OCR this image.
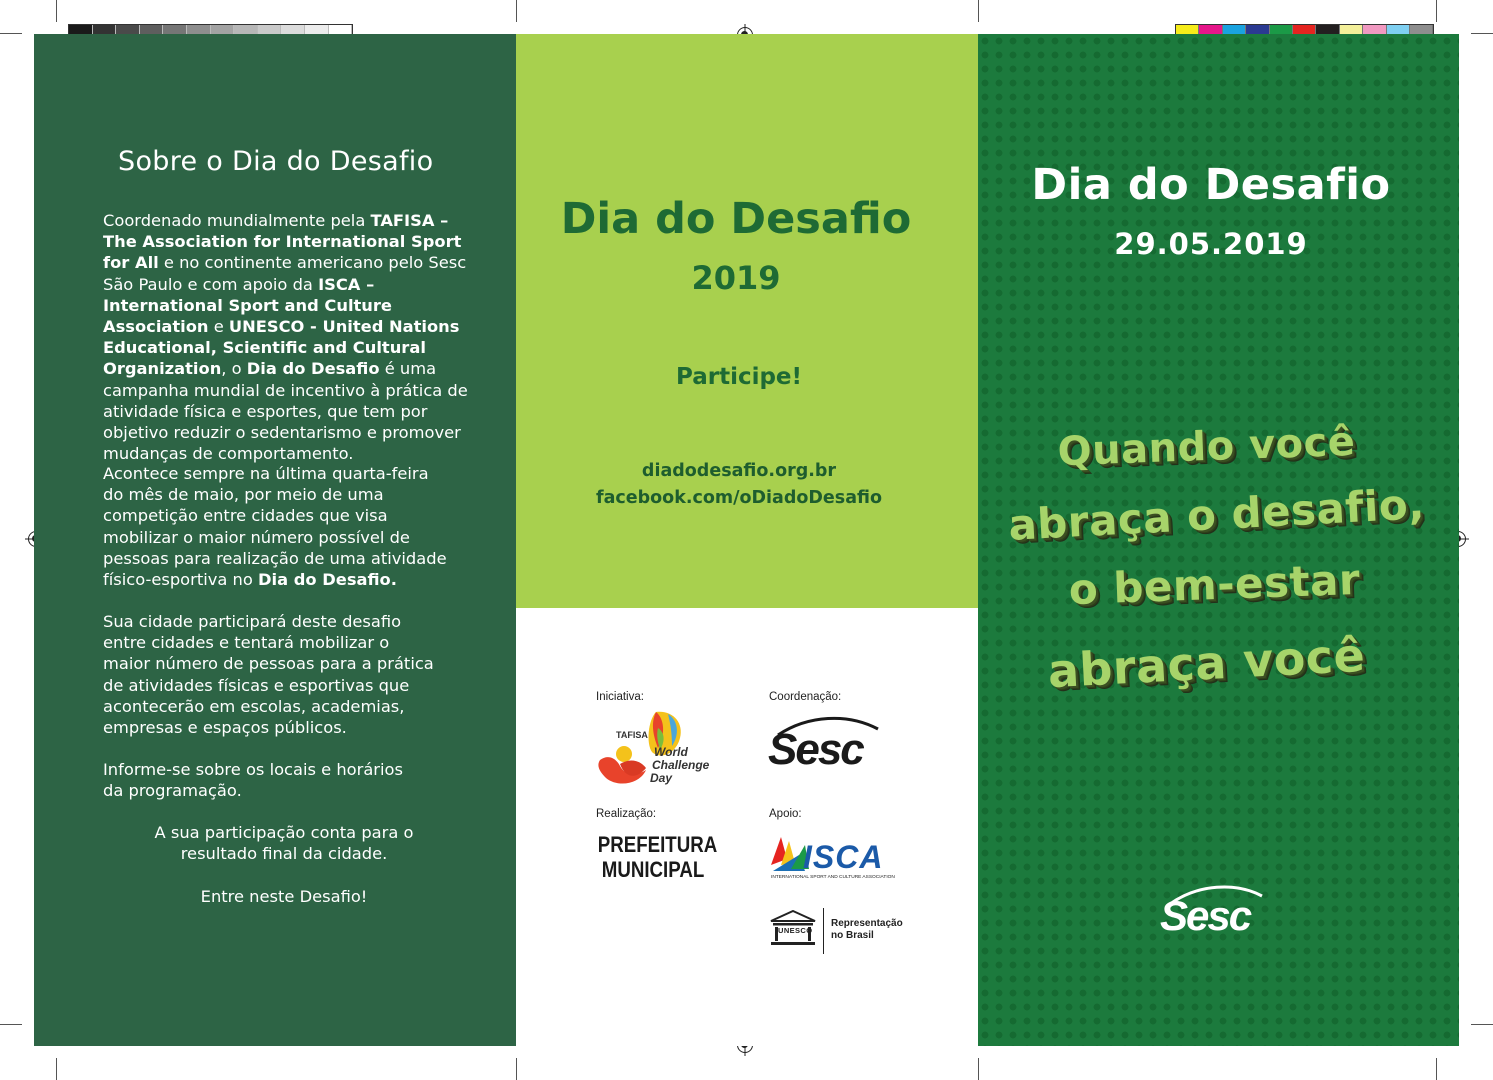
Sobre o Dia do Desafio
Coordenado mundialmente pela TAFISA – The Association for International Sport for All e no continente americano pelo Sesc São Paulo e com apoio da ISCA – International Sport and Culture Association e UNESCO - United Nations Educational, Scientific and Cultural Organization, o Dia do Desafio é uma campanha mundial de incentivo à prática de atividade física e esportes, que tem por objetivo reduzir o sedentarismo e promover mudanças de comportamento.
Acontece sempre na última quarta-feira do mês de maio, por meio de uma competição entre cidades que visa mobilizar o maior número possível de pessoas para realização de uma atividade físico-esportiva no Dia do Desafio.
Sua cidade participará deste desafio entre cidades e tentará mobilizar o maior número de pessoas para a prática de atividades físicas e esportivas que acontecerão em escolas, academias, empresas e espaços públicos.
Informe-se sobre os locais e horários da programação.
A sua participação conta para o resultado final da cidade.
Entre neste Desafio!
Dia do Desafio
2019
Participe!
diadodesafio.org.br
facebook.com/oDiadoDesafio
Iniciativa:	Coordenação:
TAFISA
World
Challenge
Day
Sesc
Realização:	Apoio:
PREFEITURA
MUNICIPAL	ISCA
INTERNATIONAL SPORT AND CULTURE ASSOCIATION
UNESCO
Representação
no Brasil
Dia do Desafio
29.05.2019
Quando você
abraça o desafio,
o bem-estar
abraça você
Sesc
